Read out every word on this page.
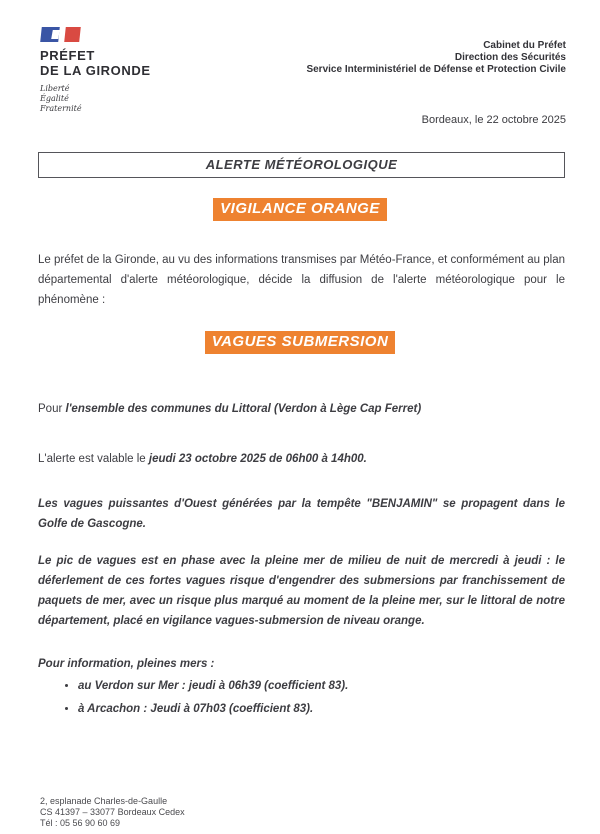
PRÉFET
DE LA GIRONDE
Liberté
Égalité
Fraternité
Cabinet du Préfet
Direction des Sécurités
Service Interministériel de Défense et Protection Civile
Bordeaux, le 22 octobre 2025
ALERTE MÉTÉOROLOGIQUE
VIGILANCE ORANGE
Le préfet de la Gironde, au vu des informations transmises par Météo-France, et conformément au plan départemental d'alerte météorologique, décide la diffusion de l'alerte météorologique pour le phénomène :
VAGUES SUBMERSION
Pour l'ensemble des communes du Littoral (Verdon à Lège Cap Ferret)
L'alerte est valable le jeudi 23 octobre 2025 de 06h00 à 14h00.
Les vagues puissantes d'Ouest générées par la tempête "BENJAMIN" se propagent dans le Golfe de Gascogne.
Le pic de vagues est en phase avec la pleine mer de milieu de nuit de mercredi à jeudi : le déferlement de ces fortes vagues risque d'engendrer des submersions par franchissement de paquets de mer, avec un risque plus marqué au moment de la pleine mer, sur le littoral de notre département, placé en vigilance vagues-submersion de niveau orange.
Pour information, pleines mers :
• au Verdon sur Mer : jeudi à 06h39 (coefficient 83).
• à Arcachon : Jeudi à 07h03 (coefficient 83).
2, esplanade Charles-de-Gaulle
CS 41397 – 33077 Bordeaux Cedex
Tél : 05 56 90 60 69
